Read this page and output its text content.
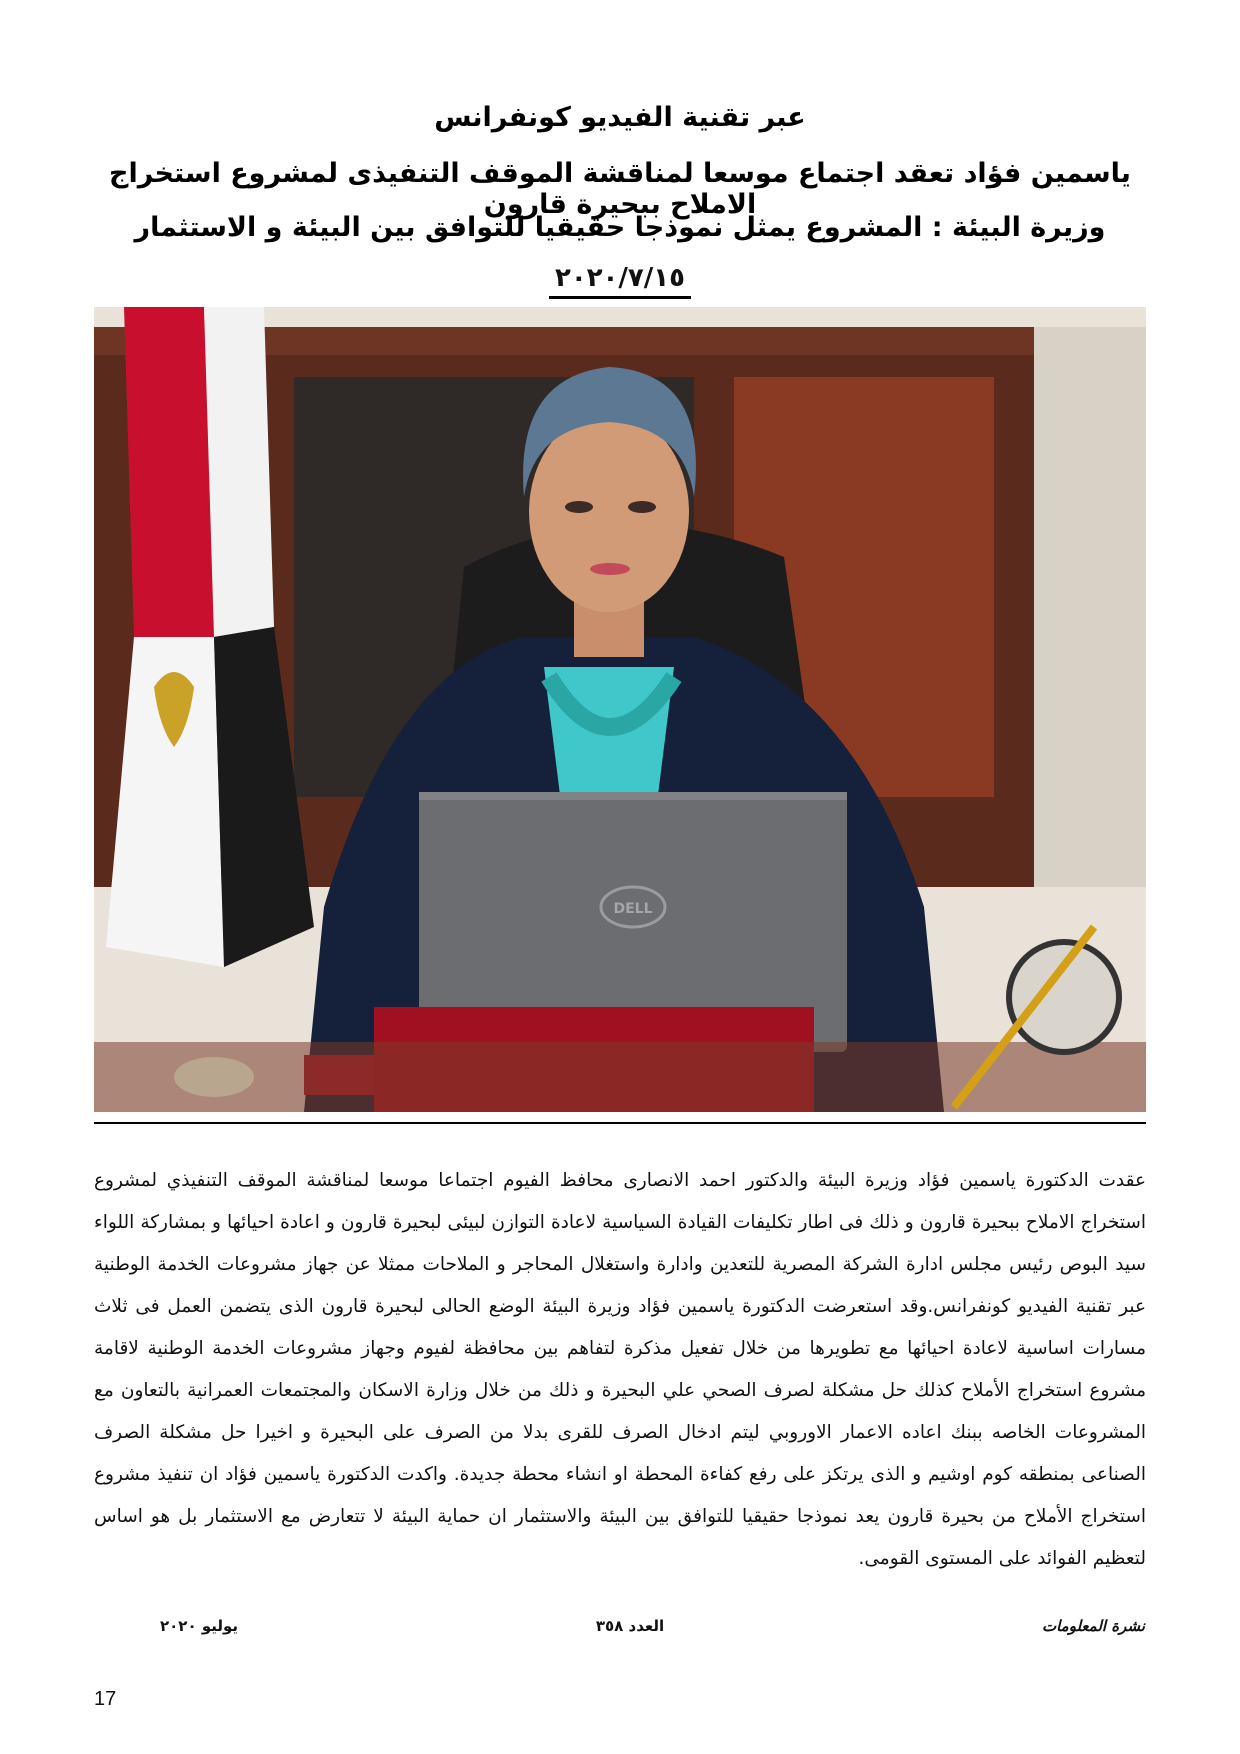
عبر تقنية الفيديو كونفرانس
ياسمين فؤاد تعقد اجتماع موسعا لمناقشة الموقف التنفيذى لمشروع استخراج الاملاح ببحيرة قارون
وزيرة البيئة : المشروع يمثل نموذجا حقيقيا للتوافق بين البيئة و الاستثمار
٢٠٢٠/٧/١٥
DELL

عقدت الدكتورة ياسمين فؤاد وزيرة البيئة والدكتور احمد الانصارى محافظ الفيوم اجتماعا موسعا لمناقشة الموقف التنفيذي لمشروع استخراج الاملاح ببحيرة قارون و ذلك فى اطار تكليفات القيادة السياسية لاعادة التوازن لبيئى لبحيرة قارون و اعادة احيائها و بمشاركة اللواء سيد البوص رئيس مجلس ادارة الشركة المصرية للتعدين وادارة واستغلال المحاجر و الملاحات ممثلا عن جهاز مشروعات الخدمة الوطنية عبر تقنية الفيديو كونفرانس.وقد استعرضت الدكتورة ياسمين فؤاد وزيرة البيئة الوضع الحالى لبحيرة قارون الذى يتضمن العمل فى ثلاث مسارات اساسية لاعادة احيائها مع تطويرها من خلال تفعيل مذكرة لتفاهم بين محافظة لفيوم وجهاز مشروعات الخدمة الوطنية لاقامة مشروع استخراج الأملاح كذلك حل مشكلة لصرف الصحي علي البحيرة و ذلك من خلال وزارة الاسكان والمجتمعات العمرانية بالتعاون مع المشروعات الخاصه ببنك اعاده الاعمار الاوروبي ليتم ادخال الصرف للقرى بدلا من الصرف على البحيرة و اخيرا حل مشكلة الصرف الصناعى بمنطقه كوم اوشيم و الذى يرتكز على رفع كفاءة المحطة او انشاء محطة جديدة. واكدت الدكتورة ياسمين فؤاد ان تنفيذ مشروع استخراج الأملاح من بحيرة قارون يعد نموذجا حقيقيا للتوافق بين البيئة والاستثمار ان حماية البيئة لا تتعارض مع الاستثمار بل هو اساس لتعظيم الفوائد على المستوى القومى.

نشرة المعلومات
العدد ٣٥٨
يوليو ٢٠٢٠
17
